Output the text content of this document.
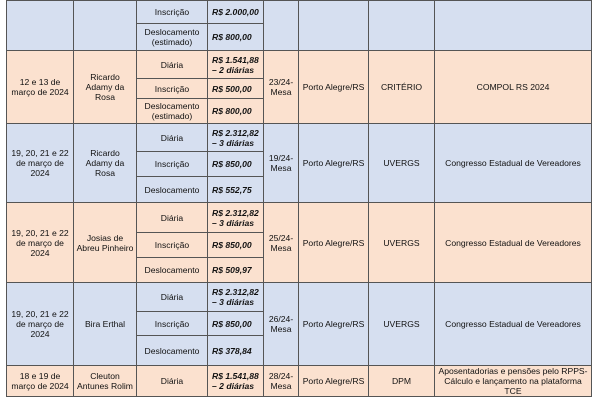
		Inscrição	R$ 2.000,00				
		Deslocamento (estimado)	R$ 800,00				
12 e 13 de março de 2024	Ricardo Adamy da Rosa	Diária	R$ 1.541,88 – 2 diárias	23/24-Mesa	Porto Alegre/RS	CRITÉRIO	COMPOL RS 2024
		Inscrição	R$ 500,00				
		Deslocamento (estimado)	R$ 800,00				
19, 20, 21 e 22 de março de 2024	Ricardo Adamy da Rosa	Diária	R$ 2.312,82 – 3 diárias	19/24-Mesa	Porto Alegre/RS	UVERGS	Congresso Estadual de Vereadores
		Inscrição	R$ 850,00				
		Deslocamento	R$ 552,75				
19, 20, 21 e 22 de março de 2024	Josias de Abreu Pinheiro	Diária	R$ 2.312,82 – 3 diárias	25/24-Mesa	Porto Alegre/RS	UVERGS	Congresso Estadual de Vereadores
		Inscrição	R$ 850,00				
		Deslocamento	R$ 509,97				
19, 20, 21 e 22 de março de 2024	Bira Erthal	Diária	R$ 2.312,82 – 3 diárias	26/24-Mesa	Porto Alegre/RS	UVERGS	Congresso Estadual de Vereadores
		Inscrição	R$ 850,00				
		Deslocamento	R$ 378,84				
18 e 19 de março de 2024	Cleuton Antunes Rolim	Diária	R$ 1.541,88 – 2 diárias	28/24-Mesa	Porto Alegre/RS	DPM	Aposentadorias e pensões pelo RPPS- Cálculo e lançamento na plataforma TCE
